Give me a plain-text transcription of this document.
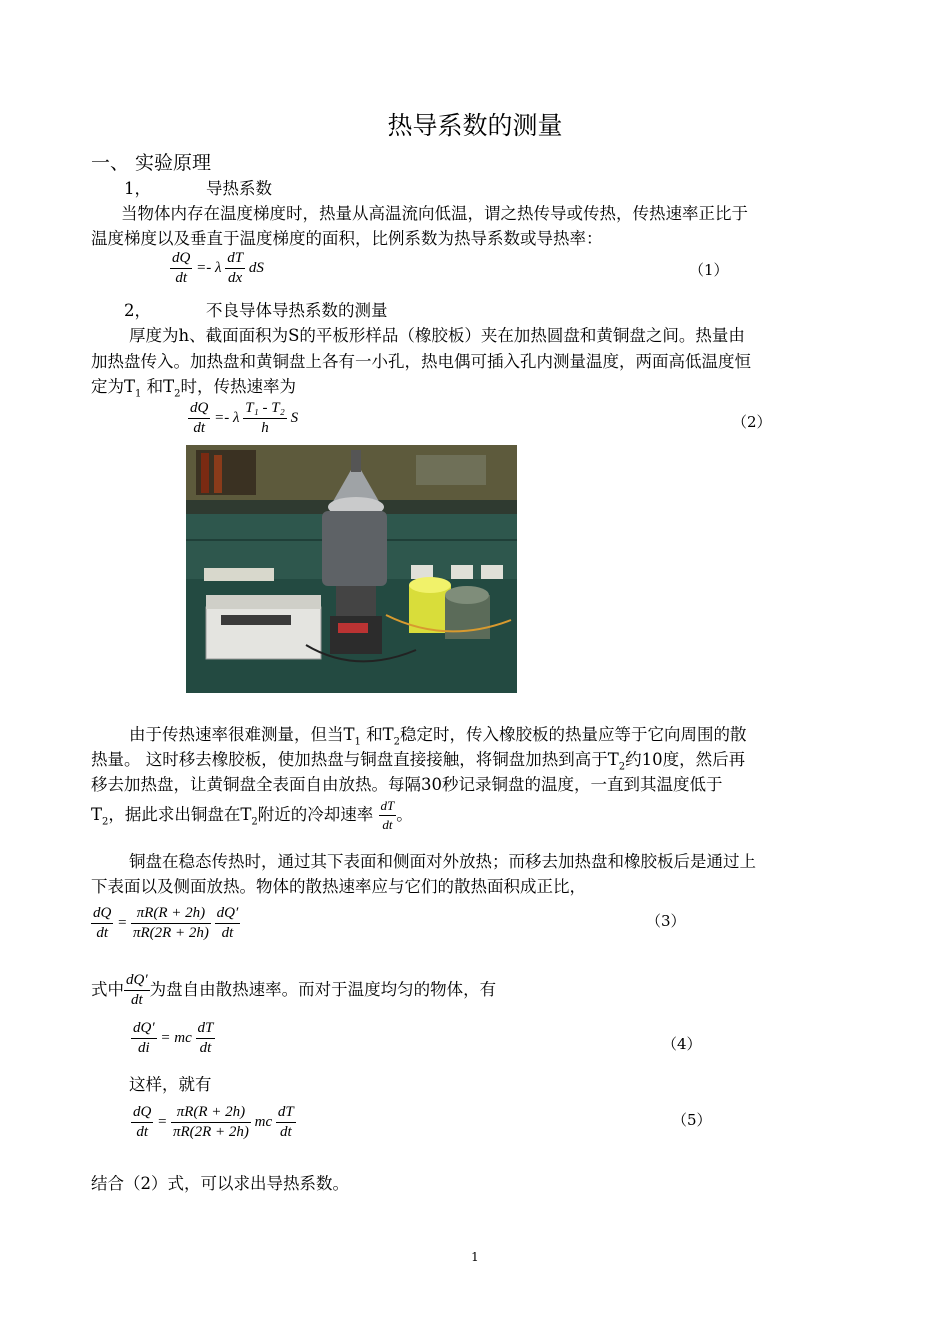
热导系数的测量
一、 实验原理
1，	导热系数
当物体内存在温度梯度时，热量从高温流向低温，谓之热传导或传热，传热速率正比于
温度梯度以及垂直于温度梯度的面积，比例系数为热导系数或导热率：
$\frac{dQ}{dt} =- \lambda \frac{dT}{dx}$ dS	（1）
2，	不良导体导热系数的测量
厚度为h、截面面积为S的平板形样品（橡胶板）夹在加热圆盘和黄铜盘之间。热量由
加热盘传入。加热盘和黄铜盘上各有一小孔，热电偶可插入孔内测量温度，两面高低温度恒
定为$T_1$ 和$T_2$时，传热速率为
$\frac{dQ}{dt} =- \lambda \frac{\text{T₁ - T₂}}{h}$ S	（2）
由于传热速率很难测量，但当$T_1$ 和$T_2$稳定时，传入橡胶板的热量应等于它向周围的散
热量。 这时移去橡胶板，使加热盘与铜盘直接接触，将铜盘加热到高于$T_2$约10度，然后再
移去加热盘，让黄铜盘全表面自由放热。每隔30秒记录铜盘的温度，一直到其温度低于
$T_2$，据此求出铜盘在$T_2$附近的冷却速率 $\frac{dT}{dt}$ 。
铜盘在稳态传热时，通过其下表面和侧面对外放热；而移去加热盘和橡胶板后是通过上
下表面以及侧面放热。物体的散热速率应与它们的散热面积成正比，
$\frac{dQ}{dt} = \frac{\pi R(R + 2h)}{\pi R(2R + 2h)}$
$\frac{dQ'}{dt}$	（3）
式中 $\frac{dQ'}{dt}$ 为盘自由散热速率。而对于温度均匀的物体，有
$\frac{dQ'}{di}$ = mc $\frac{dT}{dt}$	（4）
这样，就有
$\frac{dQ}{dt} = \frac{\pi R(R + 2h)}{\pi R(2R + 2h)}$ mc $\frac{dT}{dt}$	（5）
结合（2）式，可以求出导热系数。
1
